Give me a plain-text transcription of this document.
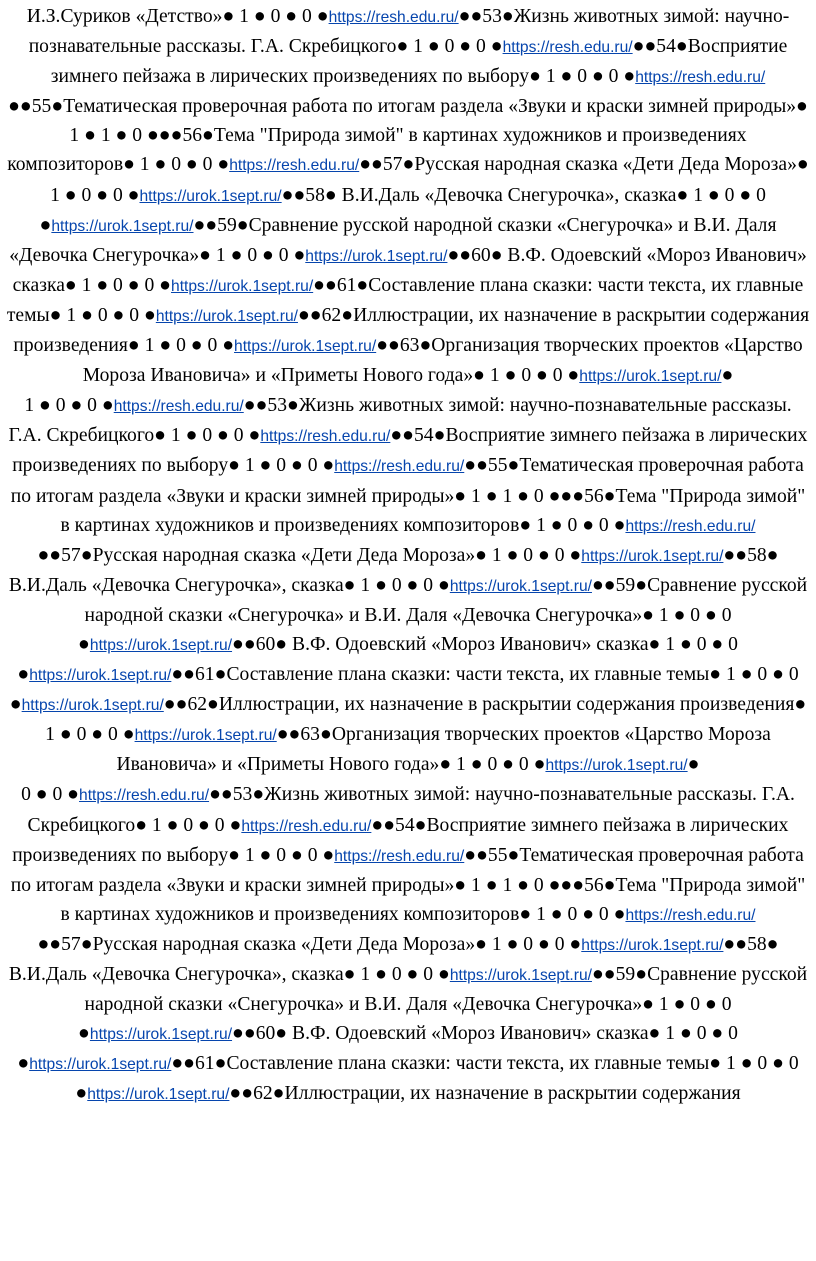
И.З.Суриков «Детство»● 1 ● 0 ● 0 ●https://resh.edu.ru/●●53●Жизнь животных зимой: научно-познавательные рассказы. Г.А. Скребицкого● 1 ● 0 ● 0 ●https://resh.edu.ru/●●54●Восприятие зимнего пейзажа в лирических произведениях по выбору● 1 ● 0 ● 0 ●https://resh.edu.ru/●●55●Тематическая проверочная работа по итогам раздела «Звуки и краски зимней природы»● 1 ● 1 ● 0 ●●●56●Тема "Природа зимой" в картинах художников и произведениях композиторов● 1 ● 0 ● 0 ●https://resh.edu.ru/●●57●Русская народная сказка «Дети Деда Мороза»● 1 ● 0 ● 0 ●https://urok.1sept.ru/●●58● В.И.Даль «Девочка Снегурочка», сказка● 1 ● 0 ● 0 ●https://urok.1sept.ru/●●59●Сравнение русской народной сказки «Снегурочка» и В.И. Даля «Девочка Снегурочка»● 1 ● 0 ● 0 ●https://urok.1sept.ru/●●60● В.Ф. Одоевский «Мороз Иванович» сказка● 1 ● 0 ● 0 ●https://urok.1sept.ru/●●61●Составление плана сказки: части текста, их главные темы● 1 ● 0 ● 0 ●https://urok.1sept.ru/●●62●Иллюстрации, их назначение в раскрытии содержания произведения● 1 ● 0 ● 0 ●https://urok.1sept.ru/●●63●Организация творческих проектов «Царство Мороза Ивановича» и «Приметы Нового года»● 1 ● 0 ● 0 ●https://urok.1sept.ru/●

1 ● 0 ● 0 ●https://resh.edu.ru/●●53●Жизнь животных зимой: научно-познавательные рассказы. Г.А. Скребицкого● 1 ● 0 ● 0 ●https://resh.edu.ru/●●54●Восприятие зимнего пейзажа в лирических произведениях по выбору● 1 ● 0 ● 0 ●https://resh.edu.ru/●●55●Тематическая проверочная работа по итогам раздела «Звуки и краски зимней природы»● 1 ● 1 ● 0 ●●●56●Тема "Природа зимой" в картинах художников и произведениях композиторов● 1 ● 0 ● 0 ●https://resh.edu.ru/●●57●Русская народная сказка «Дети Деда Мороза»● 1 ● 0 ● 0 ●https://urok.1sept.ru/●●58● В.И.Даль «Девочка Снегурочка», сказка● 1 ● 0 ● 0 ●https://urok.1sept.ru/●●59●Сравнение русской народной сказки «Снегурочка» и В.И. Даля «Девочка Снегурочка»● 1 ● 0 ● 0 ●https://urok.1sept.ru/●●60● В.Ф. Одоевский «Мороз Иванович» сказка● 1 ● 0 ● 0 ●https://urok.1sept.ru/●●61●Составление плана сказки: части текста, их главные темы● 1 ● 0 ● 0 ●https://urok.1sept.ru/●●62●Иллюстрации, их назначение в раскрытии содержания произведения● 1 ● 0 ● 0 ●https://urok.1sept.ru/●●63●Организация творческих проектов «Царство Мороза Ивановича» и «Приметы Нового года»● 1 ● 0 ● 0 ●https://urok.1sept.ru/●

0 ● 0 ●https://resh.edu.ru/●●53●Жизнь животных зимой: научно-познавательные рассказы. Г.А. Скребицкого● 1 ● 0 ● 0 ●https://resh.edu.ru/●●54●Восприятие зимнего пейзажа в лирических произведениях по выбору● 1 ● 0 ● 0 ●https://resh.edu.ru/●●55●Тематическая проверочная работа по итогам раздела «Звуки и краски зимней природы»● 1 ● 1 ● 0 ●●●56●Тема "Природа зимой" в картинах художников и произведениях композиторов● 1 ● 0 ● 0 ●https://resh.edu.ru/●●57●Русская народная сказка «Дети Деда Мороза»● 1 ● 0 ● 0 ●https://urok.1sept.ru/●●58● В.И.Даль «Девочка Снегурочка», сказка● 1 ● 0 ● 0 ●https://urok.1sept.ru/●●59●Сравнение русской народной сказки «Снегурочка» и В.И. Даля «Девочка Снегурочка»● 1 ● 0 ● 0 ●https://urok.1sept.ru/●●60● В.Ф. Одоевский «Мороз Иванович» сказка● 1 ● 0 ● 0 ●https://urok.1sept.ru/●●61●Составление плана сказки: части текста, их главные темы● 1 ● 0 ● 0 ●https://urok.1sept.ru/●●62●Иллюстрации, их назначение в раскрытии содержания
